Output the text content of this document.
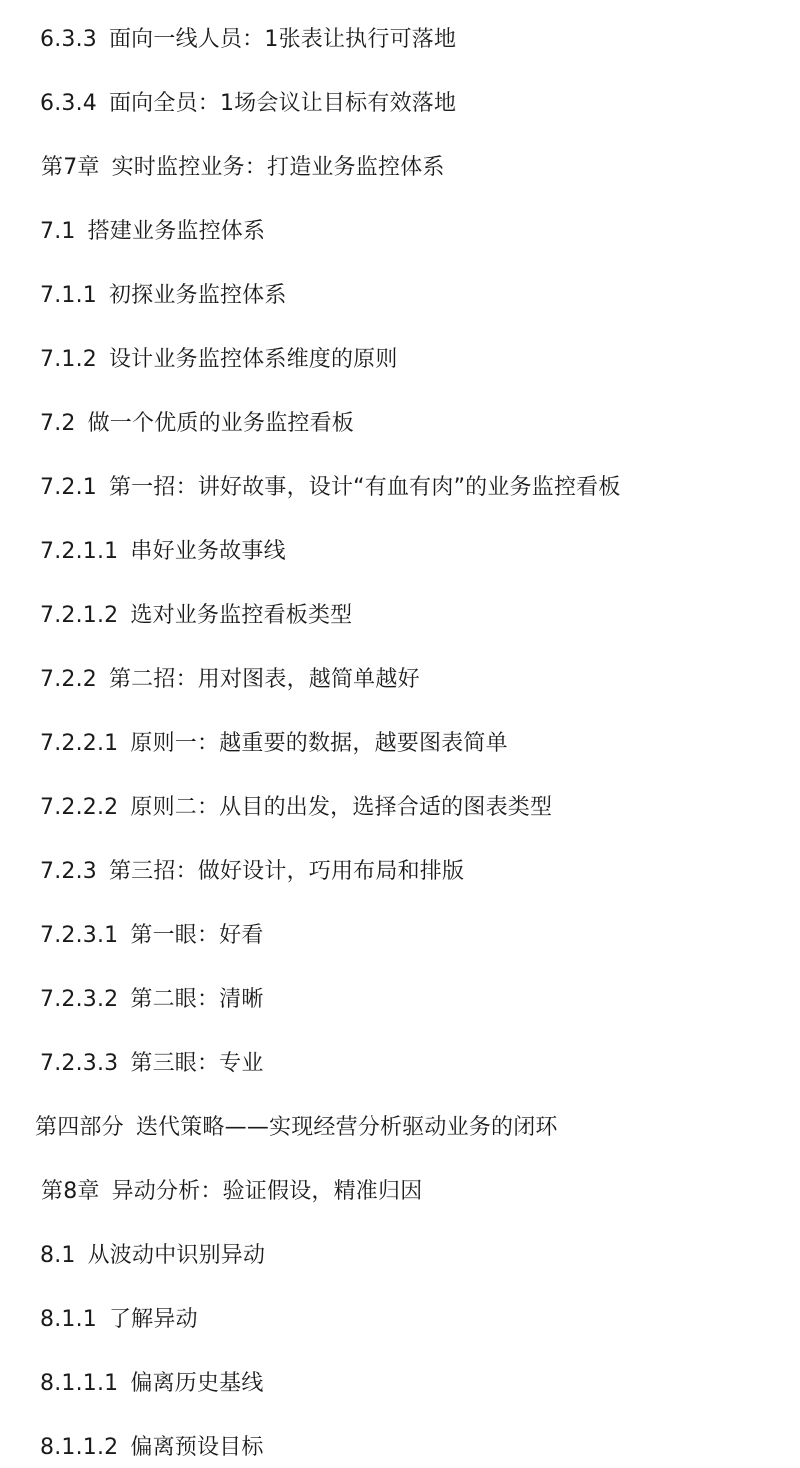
6.3.3 面向一线人员：1张表让执行可落地
6.3.4 面向全员：1场会议让目标有效落地
第7章 实时监控业务：打造业务监控体系
7.1 搭建业务监控体系
7.1.1 初探业务监控体系
7.1.2 设计业务监控体系维度的原则
7.2 做一个优质的业务监控看板
7.2.1 第一招：讲好故事，设计“有血有肉”的业务监控看板
7.2.1.1 串好业务故事线
7.2.1.2 选对业务监控看板类型
7.2.2 第二招：用对图表，越简单越好
7.2.2.1 原则一：越重要的数据，越要图表简单
7.2.2.2 原则二：从目的出发，选择合适的图表类型
7.2.3 第三招：做好设计，巧用布局和排版
7.2.3.1 第一眼：好看
7.2.3.2 第二眼：清晰
7.2.3.3 第三眼：专业
第四部分 迭代策略——实现经营分析驱动业务的闭环
第8章 异动分析：验证假设，精准归因
8.1 从波动中识别异动
8.1.1 了解异动
8.1.1.1 偏离历史基线
8.1.1.2 偏离预设目标
